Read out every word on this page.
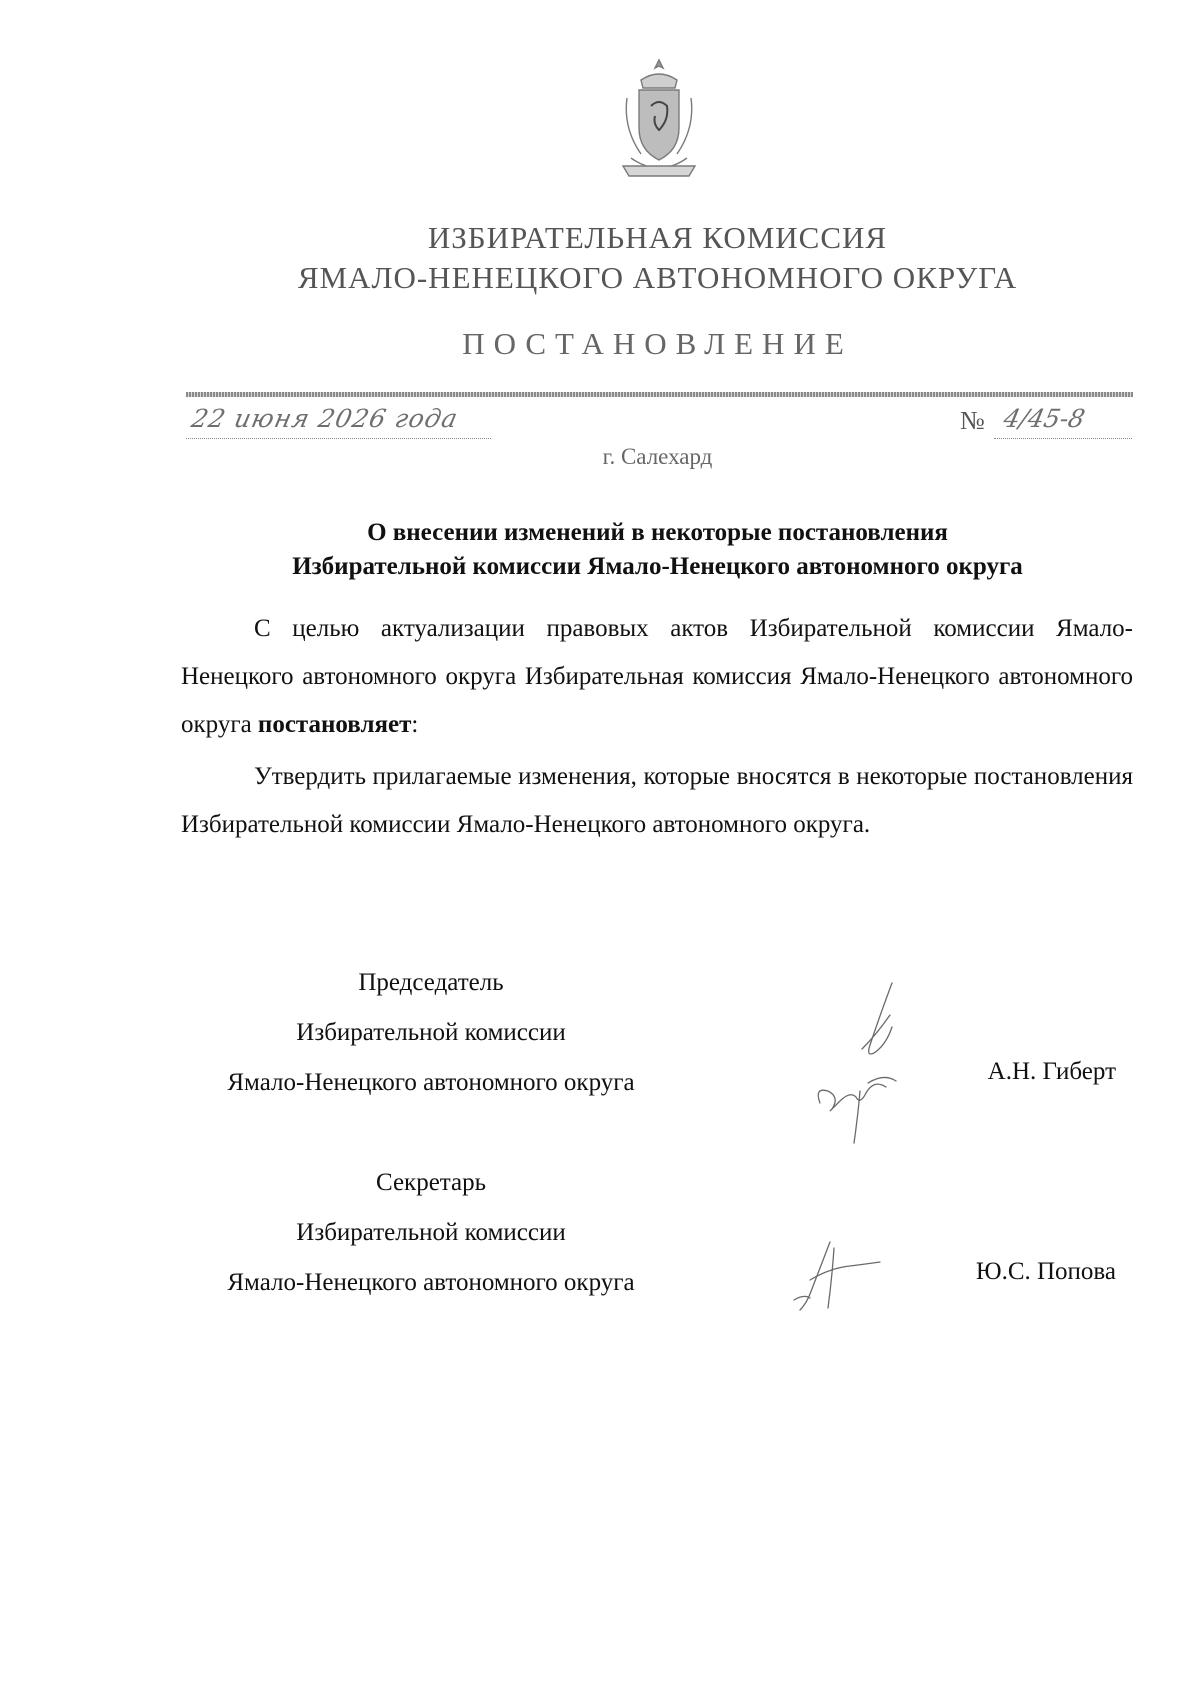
ИЗБИРАТЕЛЬНАЯ КОМИССИЯ
ЯМАЛО-НЕНЕЦКОГО АВТОНОМНОГО ОКРУГА
ПОСТАНОВЛЕНИЕ
22 июня 2026 года	№ 4/45-8
г. Салехард
О внесении изменений в некоторые постановления
Избирательной комиссии Ямало-Ненецкого автономного округа
С целью актуализации правовых актов Избирательной комиссии Ямало-Ненецкого автономного округа Избирательная комиссия Ямало-Ненецкого автономного округа постановляет:
Утвердить прилагаемые изменения, которые вносятся в некоторые постановления Избирательной комиссии Ямало-Ненецкого автономного округа.
Председатель
Избирательной комиссии
Ямало-Ненецкого автономного округа	А.Н. Гиберт
Секретарь
Избирательной комиссии
Ямало-Ненецкого автономного округа	Ю.С. Попова
